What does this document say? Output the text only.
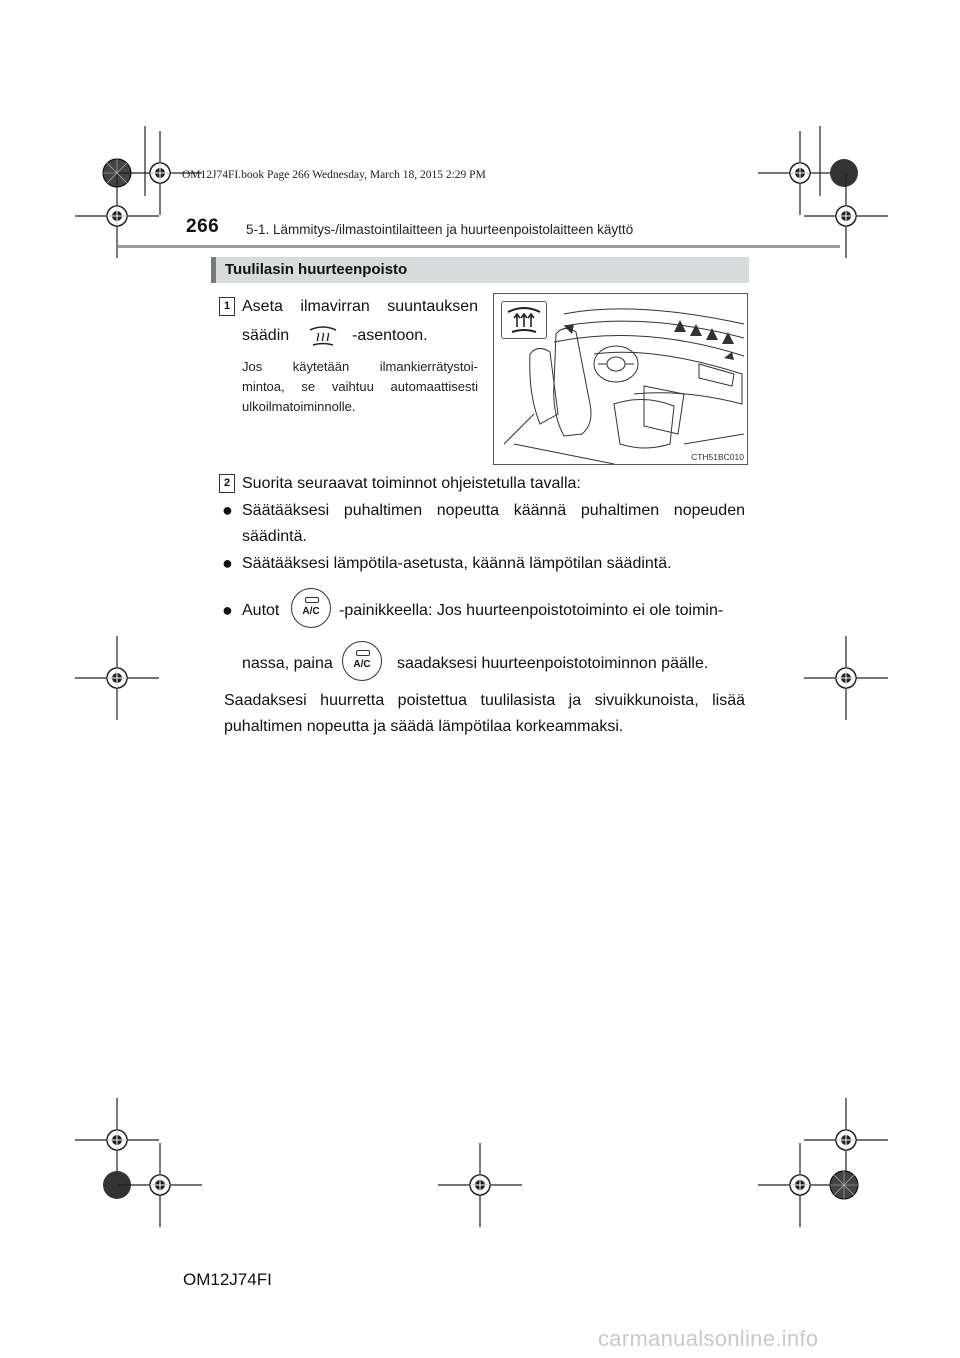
OM12J74FI.book Page 266 Wednesday, March 18, 2015 2:29 PM
266 5-1. Lämmitys-/ilmastointilaitteen ja huurteenpoistolaitteen käyttö
Tuulilasin huurteenpoisto
1 Aseta ilmavirran suuntauksen
säädin	-asentoon.
Jos käytetään ilmankierrätystoi-
mintoa, se vaihtuu automaattisesti
ulkoilmatoiminnolle.
CTH51BC010
2 Suorita seuraavat toiminnot ohjeistetulla tavalla:
● Säätääksesi puhaltimen nopeutta käännä puhaltimen nopeuden
säädintä.
● Säätääksesi lämpötila-asetusta, käännä lämpötilan säädintä.
● Autot	A/C	-painikkeella: Jos huurteenpoistotoiminto ei ole toimin-
nassa, paina	A/C	saadaksesi huurteenpoistotoiminnon päälle.
Saadaksesi huurretta poistettua tuulilasista ja sivuikkunoista, lisää
puhaltimen nopeutta ja säädä lämpötilaa korkeammaksi.
OM12J74FI
carmanualsonline.info
